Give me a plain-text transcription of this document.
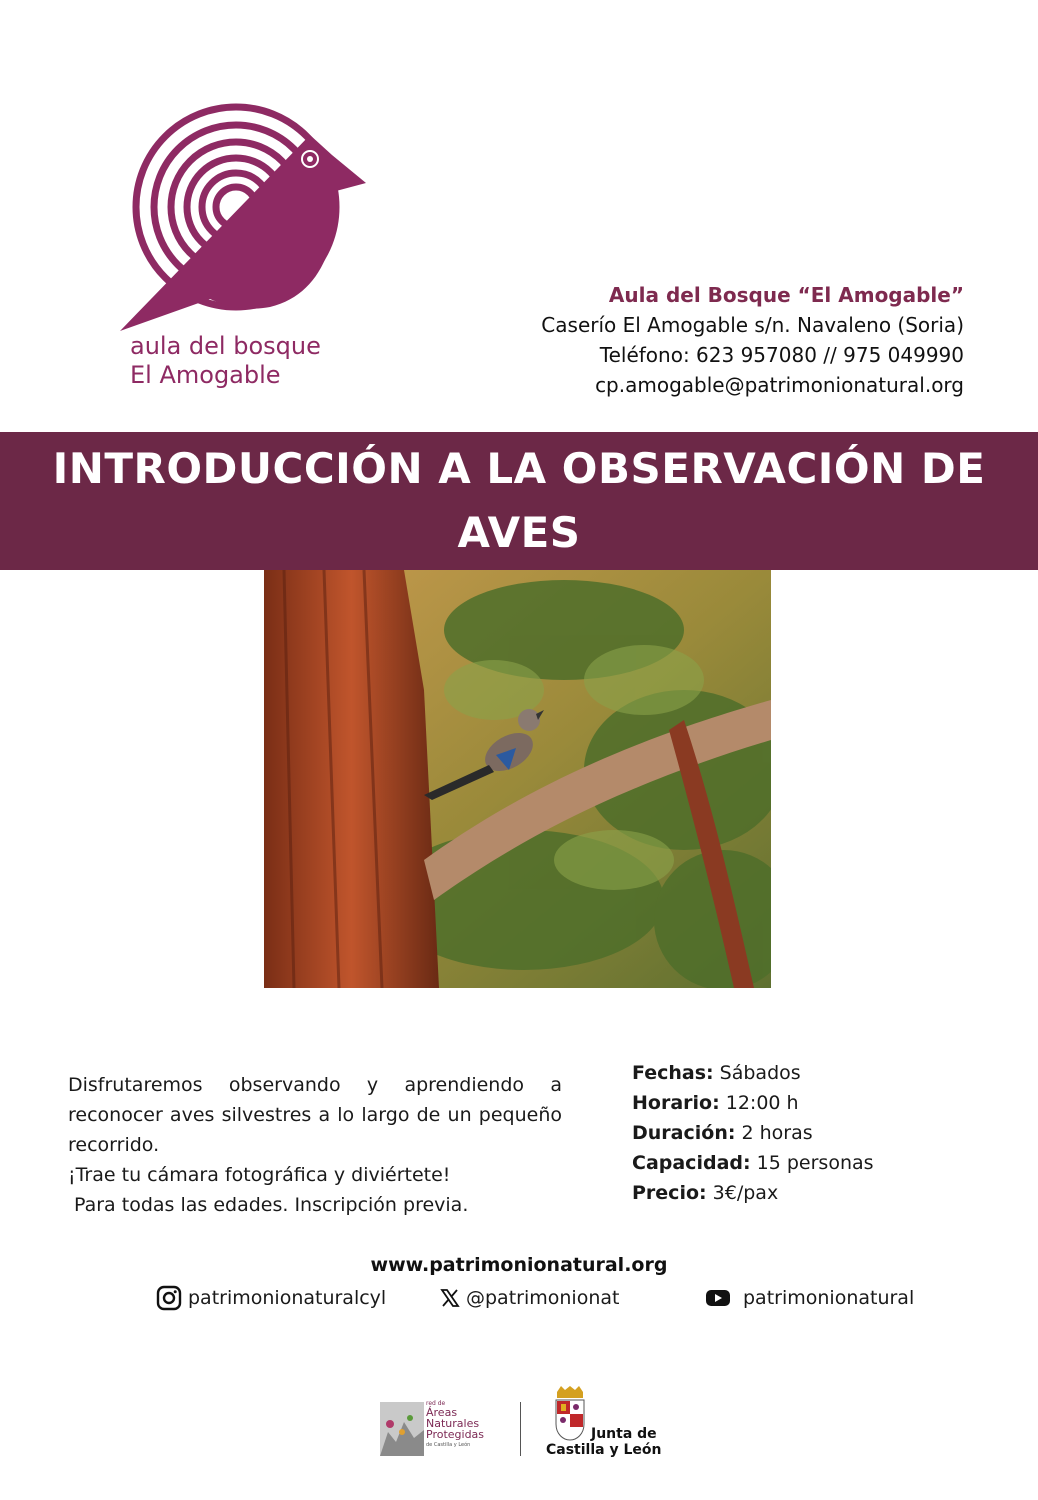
aula del bosque
El Amogable
Aula del Bosque “El Amogable”
Caserío El Amogable s/n. Navaleno (Soria)
Teléfono: 623 957080 // 975 049990
cp.amogable@patrimonionatural.org
INTRODUCCIÓN A LA OBSERVACIÓN DE AVES
Disfrutaremos observando y aprendiendo a reconocer aves silvestres a lo largo de un pequeño recorrido.
¡Trae tu cámara fotográfica y diviértete!
Para todas las edades. Inscripción previa.
Fechas: Sábados
Horario: 12:00 h
Duración: 2 horas
Capacidad: 15 personas
Precio: 3€/pax
www.patrimonionatural.org
patrimonionaturalcyl	@patrimonionat	patrimonionatural
red de
Áreas
Naturales
Protegidas
de Castilla y León
Junta de
Castilla y León
